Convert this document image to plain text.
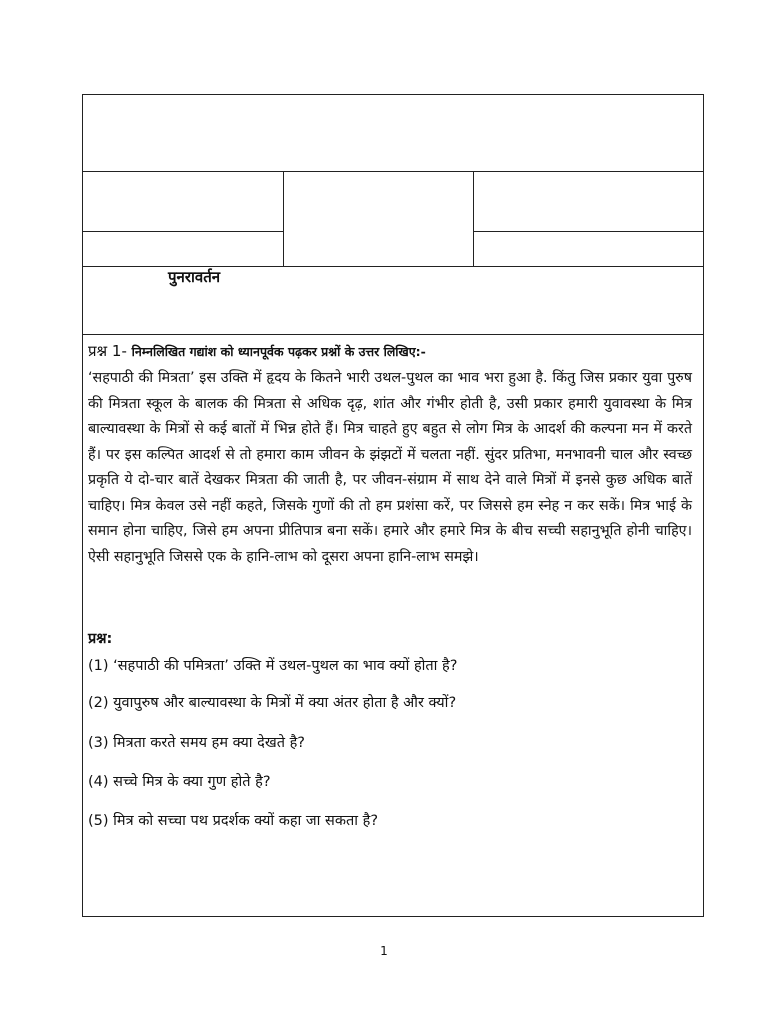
पुनरावर्तन
प्रश्न 1- निम्नलिखित गद्यांश को ध्यानपूर्वक पढ़कर प्रश्नों के उत्तर लिखिए:-
‘सहपाठी की मित्रता’ इस उक्ति में हृदय के कितने भारी उथल-पुथल का भाव भरा हुआ है. किंतु जिस प्रकार युवा पुरुष की मित्रता स्कूल के बालक की मित्रता से अधिक दृढ़, शांत और गंभीर होती है, उसी प्रकार हमारी युवावस्था के मित्र बाल्यावस्था के मित्रों से कई बातों में भिन्न होते हैं। मित्र चाहते हुए बहुत से लोग मित्र के आदर्श की कल्पना मन में करते हैं। पर इस कल्पित आदर्श से तो हमारा काम जीवन के झंझटों में चलता नहीं. सुंदर प्रतिभा, मनभावनी चाल और स्वच्छ प्रकृति ये दो-चार बातें देखकर मित्रता की जाती है, पर जीवन-संग्राम में साथ देने वाले मित्रों में इनसे कुछ अधिक बातें चाहिए। मित्र केवल उसे नहीं कहते, जिसके गुणों की तो हम प्रशंसा करें, पर जिससे हम स्नेह न कर सकें। मित्र भाई के समान होना चाहिए, जिसे हम अपना प्रीतिपात्र बना सकें। हमारे और हमारे मित्र के बीच सच्ची सहानुभूति होनी चाहिए। ऐसी सहानुभूति जिससे एक के हानि-लाभ को दूसरा अपना हानि-लाभ समझे।
प्रश्न:
(1) ‘सहपाठी की पमित्रता’ उक्ति में उथल-पुथल का भाव क्यों होता है?
(2) युवापुरुष और बाल्यावस्था के मित्रों में क्या अंतर होता है और क्यों?
(3) मित्रता करते समय हम क्या देखते है?
(4) सच्चे मित्र के क्या गुण होते है?
(5) मित्र को सच्चा पथ प्रदर्शक क्यों कहा जा सकता है?
1
